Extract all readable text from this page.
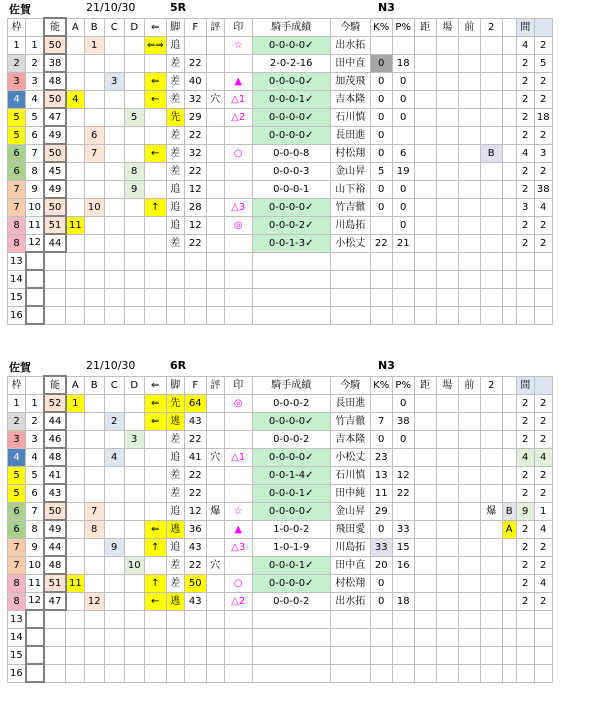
佐賀	21/10/30	5R	N3
枠		能	A	B	C	D	⇐	脚	F	評	印	騎手成績	今騎	K%	P%	距	場	前	2		間	
1	1	50		1			⇐⇒	追			☆	0-0-0-0✓	出水拓								4	2
2	2	38						差	22			2-0-2-16	田中直	0	18						2	5
3	3	48			3		⇐	差	40		▲	0-0-0-0✓	加茂飛	0	0						2	2
4	4	50	4				←	差	32	穴	△1	0-0-0-1✓	吉本隆	0	0						2	2
5	5	47				5		先	29		△2	0-0-0-0✓	石川慎	0	0						2	18
5	6	49		6				差	22			0-0-0-0✓	長田進	0							2	2
6	7	50		7			←	差	32		○	0-0-0-8	村松翔	0	6				B		4	3
6	8	45				8		差	22			0-0-0-3	金山昇	5	19						2	2
7	9	49				9		追	12			0-0-0-1	山下裕	0	0						2	38
7	10	50		10			↑	追	28		△3	0-0-0-0✓	竹吉徹	0	0						3	4
8	11	51	11					追	12		◎	0-0-0-2✓	川島拓		0						2	2
8	12	44						差	22			0-0-1-3✓	小松丈	22	21						2	2
13																						
14																						
15																						
16																						
佐賀	21/10/30	6R	N3
枠		能	A	B	C	D	⇐	脚	F	評	印	騎手成績	今騎	K%	P%	距	場	前	2		間	
1	1	52	1				⇐	先	64		◎	0-0-0-2	長田進		0						2	2
2	2	44			2		⇐	逃	43			0-0-0-0✓	竹吉徹	7	38						2	2
3	3	46				3		差	22			0-0-0-2	吉本隆	0	0						2	2
4	4	48			4			追	41	穴	△1	0-0-0-0✓	小松丈	23							4	4
5	5	41						差	22			0-0-1-4✓	石川慎	13	12						2	2
5	6	43						差	22			0-0-0-1✓	田中純	11	22						2	2
6	7	50		7				追	12	爆	☆	0-0-0-0✓	金山昇	29					爆	B	9	1
6	8	49		8			⇐	逃	36		▲	1-0-0-2	飛田愛	0	33					A	2	4
7	9	44			9		↑	追	43		△3	1-0-1-9	川島拓	33	15						2	2
7	10	48				10		差	22	穴		0-0-0-1✓	田中直	20	16						2	2
8	11	51	11				↑	差	50		○	0-0-0-0✓	村松翔	0							2	4
8	12	47		12			←	逃	43		△2	0-0-0-2	出水拓	0	18						2	2
13																						
14																						
15																						
16																						
